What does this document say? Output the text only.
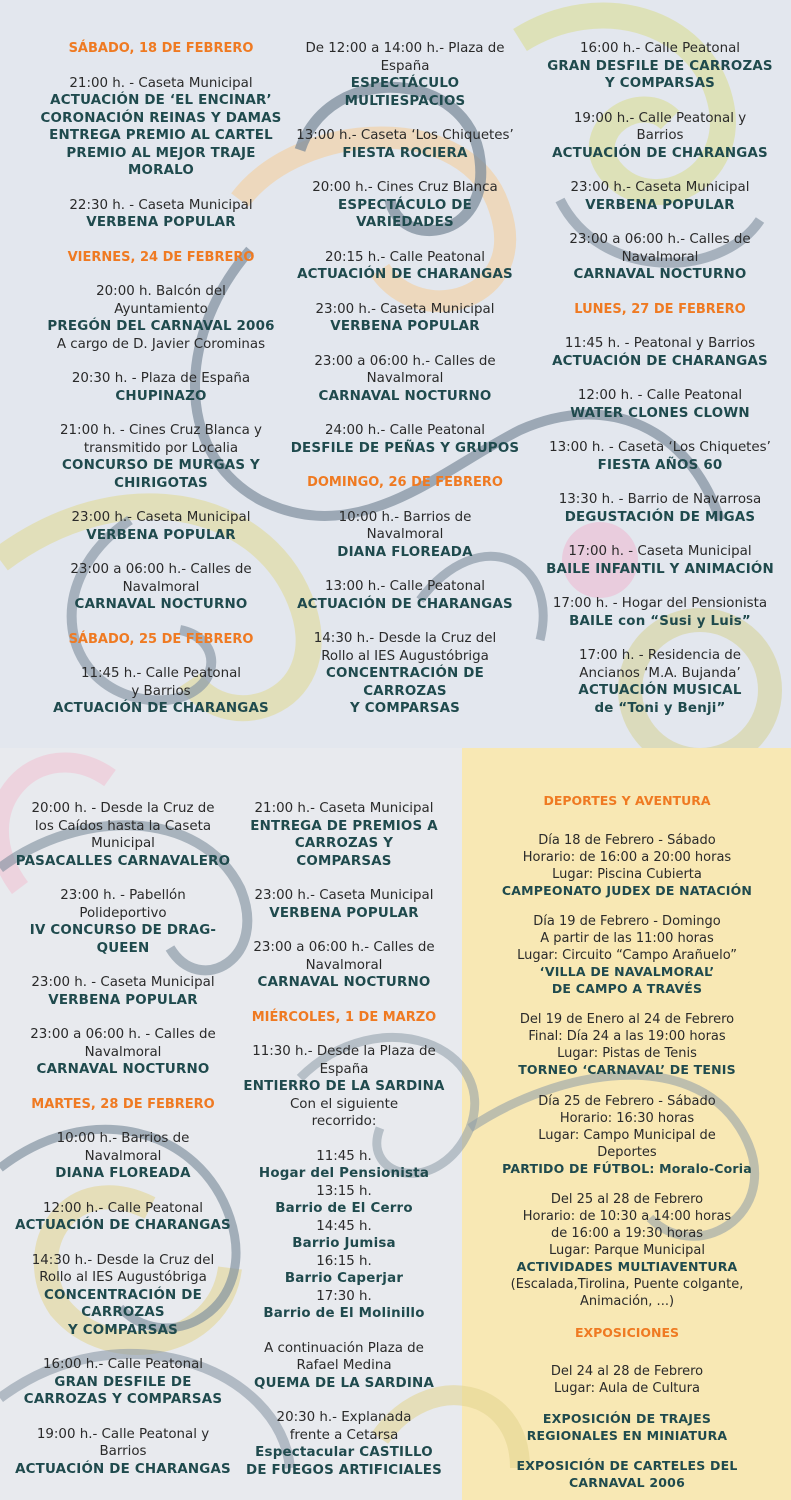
SÁBADO, 18 DE FEBRERO
21:00 h. - Caseta Municipal
ACTUACIÓN DE ‘EL ENCINAR’
CORONACIÓN REINAS Y DAMAS
ENTREGA PREMIO AL CARTEL
PREMIO AL MEJOR TRAJE
MORALO
22:30 h. - Caseta Municipal
VERBENA POPULAR
VIERNES, 24 DE FEBRERO
20:00 h. Balcón del
Ayuntamiento
PREGÓN DEL CARNAVAL 2006
A cargo de D. Javier Corominas
20:30 h. - Plaza de España
CHUPINAZO
21:00 h. - Cines Cruz Blanca y
transmitido por Localia
CONCURSO DE MURGAS Y
CHIRIGOTAS
23:00 h.- Caseta Municipal
VERBENA POPULAR
23:00 a 06:00 h.- Calles de
Navalmoral
CARNAVAL NOCTURNO
SÁBADO, 25 DE FEBRERO
11:45 h.- Calle Peatonal
y Barrios
ACTUACIÓN DE CHARANGAS
De 12:00 a 14:00 h.- Plaza de
España
ESPECTÁCULO
MULTIESPACIOS
13:00 h.- Caseta ‘Los Chiquetes’
FIESTA ROCIERA
20:00 h.- Cines Cruz Blanca
ESPECTÁCULO DE
VARIEDADES
20:15 h.- Calle Peatonal
ACTUACIÓN DE CHARANGAS
23:00 h.- Caseta Municipal
VERBENA POPULAR
23:00 a 06:00 h.- Calles de
Navalmoral
CARNAVAL NOCTURNO
24:00 h.- Calle Peatonal
DESFILE DE PEÑAS Y GRUPOS
DOMINGO, 26 DE FEBRERO
10:00 h.- Barrios de
Navalmoral
DIANA FLOREADA
13:00 h.- Calle Peatonal
ACTUACIÓN DE CHARANGAS
14:30 h.- Desde la Cruz del
Rollo al IES Augustóbriga
CONCENTRACIÓN DE
CARROZAS
Y COMPARSAS
16:00 h.- Calle Peatonal
GRAN DESFILE DE CARROZAS
Y COMPARSAS
19:00 h.- Calle Peatonal y
Barrios
ACTUACIÓN DE CHARANGAS
23:00 h.- Caseta Municipal
VERBENA POPULAR
23:00 a 06:00 h.- Calles de
Navalmoral
CARNAVAL NOCTURNO
LUNES, 27 DE FEBRERO
11:45 h. - Peatonal y Barrios
ACTUACIÓN DE CHARANGAS
12:00 h. - Calle Peatonal
WATER CLONES CLOWN
13:00 h. - Caseta ‘Los Chiquetes’
FIESTA AÑOS 60
13:30 h. - Barrio de Navarrosa
DEGUSTACIÓN DE MIGAS
17:00 h. - Caseta Municipal
BAILE INFANTIL Y ANIMACIÓN
17:00 h. - Hogar del Pensionista
BAILE con “Susi y Luis”
17:00 h. - Residencia de
Ancianos ‘M.A. Bujanda’
ACTUACIÓN MUSICAL
de “Toni y Benji”
20:00 h. - Desde la Cruz de
los Caídos hasta la Caseta
Municipal
PASACALLES CARNAVALERO
23:00 h. - Pabellón
Polideportivo
IV CONCURSO DE DRAG-
QUEEN
23:00 h. - Caseta Municipal
VERBENA POPULAR
23:00 a 06:00 h. - Calles de
Navalmoral
CARNAVAL NOCTURNO
MARTES, 28 DE FEBRERO
10:00 h.- Barrios de
Navalmoral
DIANA FLOREADA
12:00 h.- Calle Peatonal
ACTUACIÓN DE CHARANGAS
14:30 h.- Desde la Cruz del
Rollo al IES Augustóbriga
CONCENTRACIÓN DE
CARROZAS
Y COMPARSAS
16:00 h.- Calle Peatonal
GRAN DESFILE DE
CARROZAS Y COMPARSAS
19:00 h.- Calle Peatonal y
Barrios
ACTUACIÓN DE CHARANGAS
21:00 h.- Caseta Municipal
ENTREGA DE PREMIOS A
CARROZAS Y
COMPARSAS
23:00 h.- Caseta Municipal
VERBENA POPULAR
23:00 a 06:00 h.- Calles de
Navalmoral
CARNAVAL NOCTURNO
MIÉRCOLES, 1 DE MARZO
11:30 h.- Desde la Plaza de
España
ENTIERRO DE LA SARDINA
Con el siguiente
recorrido:
11:45 h.
Hogar del Pensionista
13:15 h.
Barrio de El Cerro
14:45 h.
Barrio Jumisa
16:15 h.
Barrio Caperjar
17:30 h.
Barrio de El Molinillo
A continuación Plaza de
Rafael Medina
QUEMA DE LA SARDINA
20:30 h.- Explanada
frente a Cetarsa
Espectacular CASTILLO
DE FUEGOS ARTIFICIALES
DEPORTES Y AVENTURA
Día 18 de Febrero - Sábado
Horario: de 16:00 a 20:00 horas
Lugar: Piscina Cubierta
CAMPEONATO JUDEX DE NATACIÓN
Día 19 de Febrero - Domingo
A partir de las 11:00 horas
Lugar: Circuito “Campo Arañuelo”
‘VILLA DE NAVALMORAL’
DE CAMPO A TRAVÉS
Del 19 de Enero al 24 de Febrero
Final: Día 24 a las 19:00 horas
Lugar: Pistas de Tenis
TORNEO ‘CARNAVAL’ DE TENIS
Día 25 de Febrero - Sábado
Horario: 16:30 horas
Lugar: Campo Municipal de
Deportes
PARTIDO DE FÚTBOL: Moralo-Coria
Del 25 al 28 de Febrero
Horario: de 10:30 a 14:00 horas
de 16:00 a 19:30 horas
Lugar: Parque Municipal
ACTIVIDADES MULTIAVENTURA
(Escalada,Tirolina, Puente colgante,
Animación, ...)
EXPOSICIONES
Del 24 al 28 de Febrero
Lugar: Aula de Cultura
EXPOSICIÓN DE TRAJES
REGIONALES EN MINIATURA
EXPOSICIÓN DE CARTELES DEL
CARNAVAL 2006
